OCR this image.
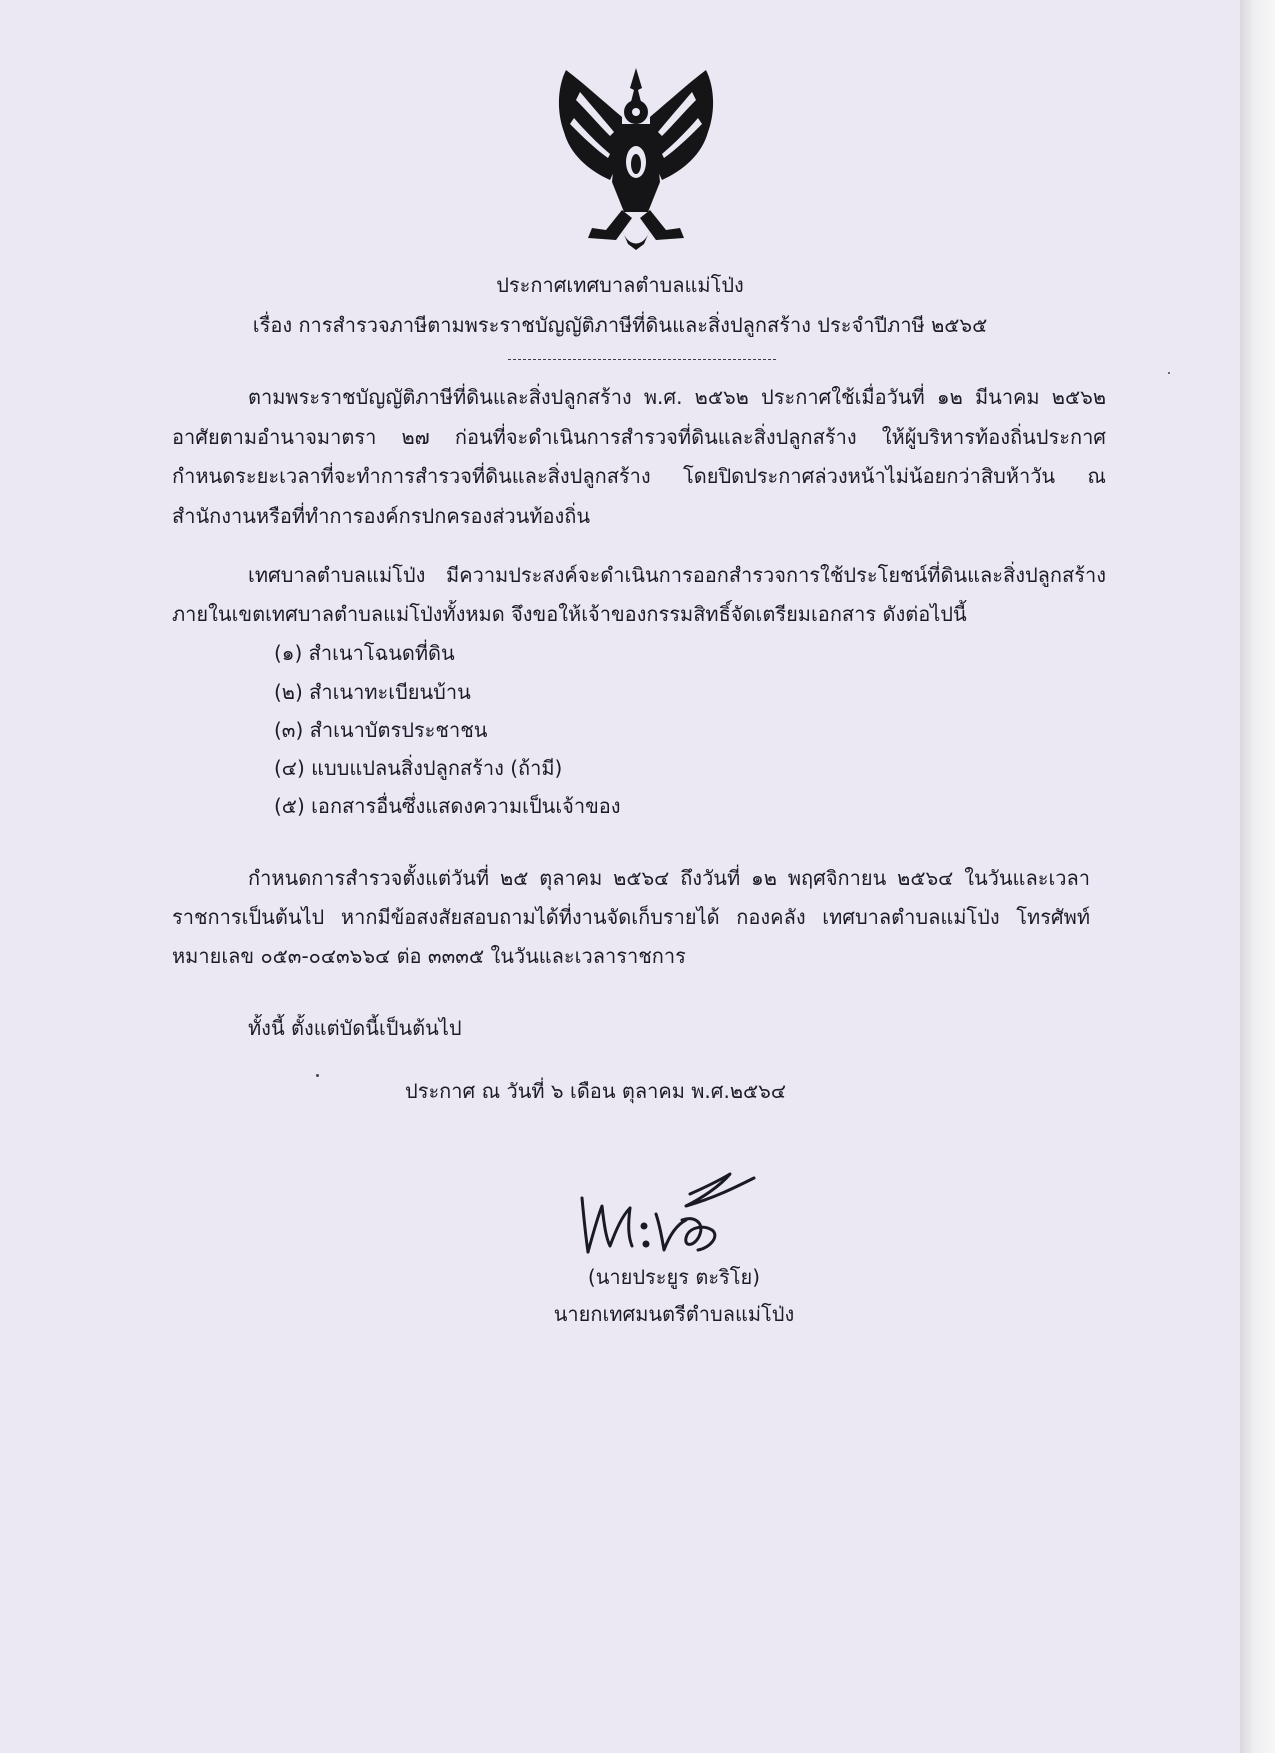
ประกาศเทศบาลตำบลแม่โป่ง
เรื่อง การสำรวจภาษีตามพระราชบัญญัติภาษีที่ดินและสิ่งปลูกสร้าง ประจำปีภาษี ๒๕๖๕
ตามพระราชบัญญัติภาษีที่ดินและสิ่งปลูกสร้าง พ.ศ. ๒๕๖๒ ประกาศใช้เมื่อวันที่ ๑๒ มีนาคม ๒๕๖๒
อาศัยตามอำนาจมาตรา ๒๗ ก่อนที่จะดำเนินการสำรวจที่ดินและสิ่งปลูกสร้าง ให้ผู้บริหารท้องถิ่นประกาศ
กำหนดระยะเวลาที่จะทำการสำรวจที่ดินและสิ่งปลูกสร้าง โดยปิดประกาศล่วงหน้าไม่น้อยกว่าสิบห้าวัน ณ
สำนักงานหรือที่ทำการองค์กรปกครองส่วนท้องถิ่น
เทศบาลตำบลแม่โป่ง มีความประสงค์จะดำเนินการออกสำรวจการใช้ประโยชน์ที่ดินและสิ่งปลูกสร้าง
ภายในเขตเทศบาลตำบลแม่โป่งทั้งหมด จึงขอให้เจ้าของกรรมสิทธิ์จัดเตรียมเอกสาร ดังต่อไปนี้
(๑) สำเนาโฉนดที่ดิน
(๒) สำเนาทะเบียนบ้าน
(๓) สำเนาบัตรประชาชน
(๔) แบบแปลนสิ่งปลูกสร้าง (ถ้ามี)
(๕) เอกสารอื่นซึ่งแสดงความเป็นเจ้าของ
กำหนดการสำรวจตั้งแต่วันที่ ๒๕ ตุลาคม ๒๕๖๔ ถึงวันที่ ๑๒ พฤศจิกายน ๒๕๖๔ ในวันและเวลา
ราชการเป็นต้นไป หากมีข้อสงสัยสอบถามได้ที่งานจัดเก็บรายได้ กองคลัง เทศบาลตำบลแม่โป่ง โทรศัพท์
หมายเลข ๐๕๓-๐๔๓๖๖๔ ต่อ ๓๓๓๕ ในวันและเวลาราชการ
ทั้งนี้ ตั้งแต่บัดนี้เป็นต้นไป
ประกาศ ณ วันที่ ๖ เดือน ตุลาคม พ.ศ.๒๕๖๔
(นายประยูร ตะริโย)
นายกเทศมนตรีตำบลแม่โป่ง
